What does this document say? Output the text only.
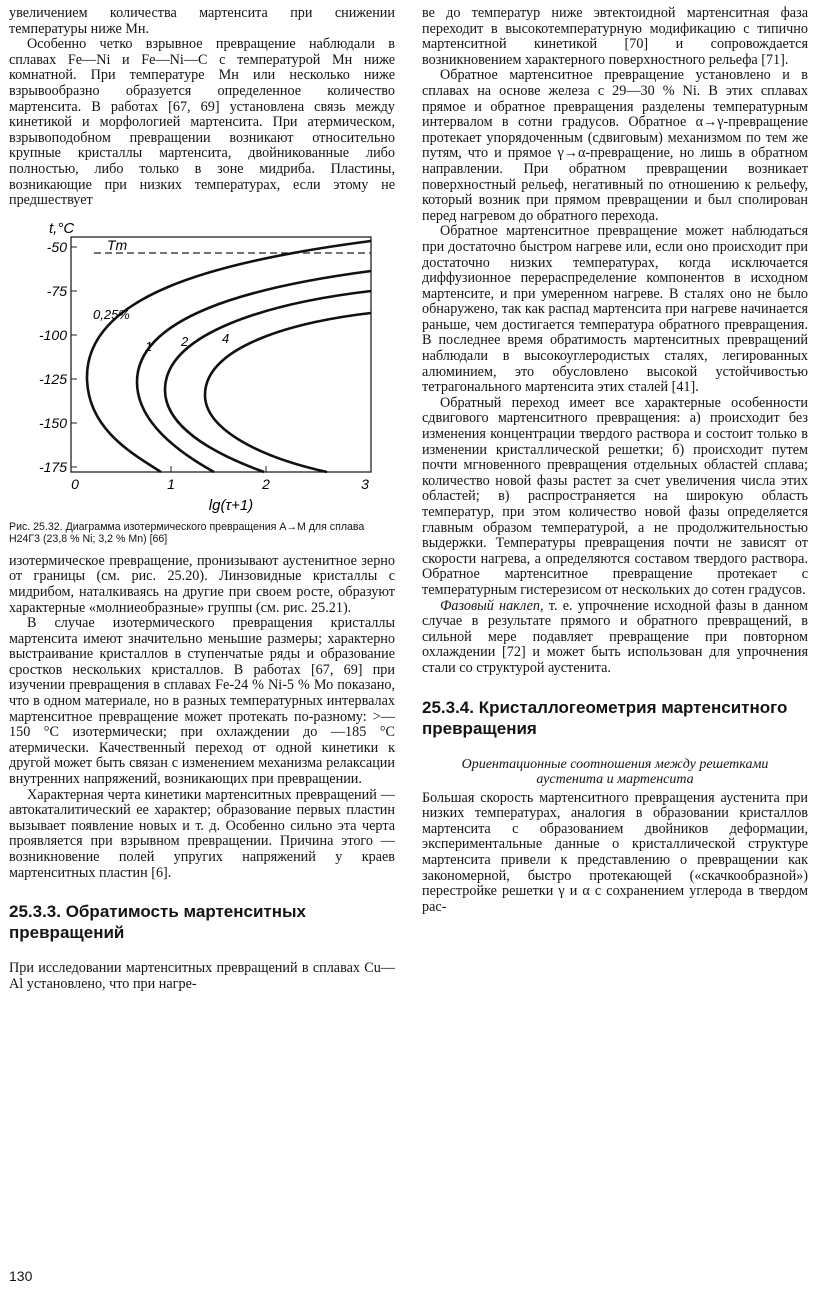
увеличением количества мартенсита при снижении температуры ниже Мн.

Особенно четко взрывное превращение наблюдали в сплавах Fe—Ni и Fe—Ni—С с температурой Мн ниже комнатной. При температуре Мн или несколько ниже взрывообразно образуется определенное количество мартенсита. В работах [67, 69] установлена связь между кинетикой и морфологией мартенсита. При атермическом, взрывоподобном превращении возникают относительно крупные кристаллы мартенсита, двойникованные либо полностью, либо только в зоне мидриба. Пластины, возникающие при низких температурах, если этому не предшествует

t,°C
-50
-75
-100
-125
-150
-175
0	1	2	3
lg(τ+1)
Tm
0,25%
1 2	4
Рис. 25.32. Диаграмма изотермического превращения А→М для сплава Н24Г3 (23,8 % Ni; 3,2 % Mn) [66]

изотермическое превращение, пронизывают аустенитное зерно от границы (см. рис. 25.20). Линзовидные кристаллы с мидрибом, наталкиваясь на другие при своем росте, образуют характерные «молниеобразные» группы (см. рис. 25.21).

В случае изотермического превращения кристаллы мартенсита имеют значительно меньшие размеры; характерно выстраивание кристаллов в ступенчатые ряды и образование сростков нескольких кристаллов. В работах [67, 69] при изучении превращения в сплавах Fe-24 % Ni-5 % Мо показано, что в одном материале, но в разных температурных интервалах мартенситное превращение может протекать по-разному: >—150 °С изотермически; при охлаждении до —185 °С атермически. Качественный переход от одной кинетики к другой может быть связан с изменением механизма релаксации внутренних напряжений, возникающих при превращении.

Характерная черта кинетики мартенситных превращений — автокаталитический ее характер; образование первых пластин вызывает появление новых и т. д. Особенно сильно эта черта проявляется при взрывном превращении. Причина этого — возникновение полей упругих напряжений у краев мартенситных пластин [6].

25.3.3. Обратимость мартенситных превращений

При исследовании мартенситных превращений в сплавах Cu—Al установлено, что при нагре-

ве до температур ниже эвтектоидной мартенситная фаза переходит в высокотемпературную модификацию с типично мартенситной кинетикой [70] и сопровождается возникновением характерного поверхностного рельефа [71].

Обратное мартенситное превращение установлено и в сплавах на основе железа с 29—30 % Ni. В этих сплавах прямое и обратное превращения разделены температурным интервалом в сотни градусов. Обратное α→γ-превращение протекает упорядоченным (сдвиговым) механизмом по тем же путям, что и прямое γ→α-превращение, но лишь в обратном направлении. При обратном превращении возникает поверхностный рельеф, негативный по отношению к рельефу, который возник при прямом превращении и был сполирован перед нагревом до обратного перехода.

Обратное мартенситное превращение может наблюдаться при достаточно быстром нагреве или, если оно происходит при достаточно низких температурах, когда исключается диффузионное перераспределение компонентов в исходном мартенсите, и при умеренном нагреве. В сталях оно не было обнаружено, так как распад мартенсита при нагреве начинается раньше, чем достигается температура обратного превращения. В последнее время обратимость мартенситных превращений наблюдали в высокоуглеродистых сталях, легированных алюминием, это обусловлено высокой устойчивостью тетрагонального мартенсита этих сталей [41].

Обратный переход имеет все характерные особенности сдвигового мартенситного превращения: а) происходит без изменения концентрации твердого раствора и состоит только в изменении кристаллической решетки; б) происходит путем почти мгновенного превращения отдельных областей сплава; количество новой фазы растет за счет увеличения числа этих областей; в) распространяется на широкую область температур, при этом количество новой фазы определяется главным образом температурой, а не продолжительностью выдержки. Температуры превращения почти не зависят от скорости нагрева, а определяются составом твердого раствора. Обратное мартенситное превращение протекает с температурным гистерезисом от нескольких до сотен градусов.

Фазовый наклеп, т. е. упрочнение исходной фазы в данном случае в результате прямого и обратного превращений, в сильной мере подавляет превращение при повторном охлаждении [72] и может быть использован для упрочнения стали со структурой аустенита.

25.3.4. Кристаллогеометрия мартенситного превращения
Ориентационные соотношения между решетками аустенита и мартенсита

Большая скорость мартенситного превращения аустенита при низких температурах, аналогия в образовании кристаллов мартенсита с образованием двойников деформации, экспериментальные данные о кристаллической структуре мартенсита привели к представлению о превращении как закономерной, быстро протекающей («скачкообразной») перестройке решетки γ и α с сохранением углерода в твердом рас-

130
